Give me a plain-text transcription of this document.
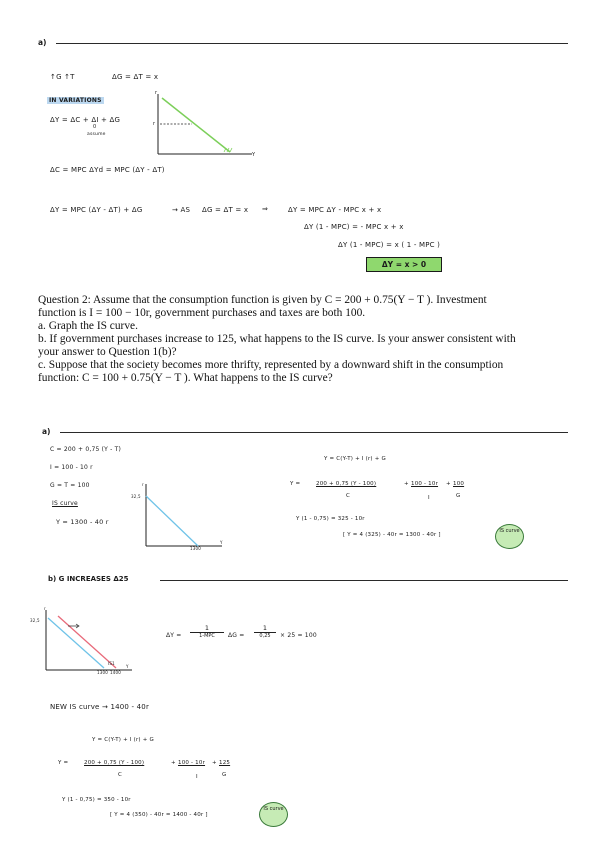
a)
↑G ↑T	ΔG = ΔT = x
IN VARIATIONS
ΔY = ΔC + ΔI + ΔG
0
assume
r
r
Y
ΔC = MPC ΔYd = MPC (ΔY - ΔT)
ΔY = MPC (ΔY - ΔT) + ΔG	→ AS ΔG = ΔT = x ⇒	ΔY = MPC ΔY - MPC x + x
ΔY (1 - MPC) = - MPC x + x
ΔY (1 - MPC) = x ( 1 - MPC )
ΔY = x > 0
Question 2: Assume that the consumption function is given by C = 200 + 0.75(Y − T ). Investment
function is I = 100 − 10r, government purchases and taxes are both 100.
a. Graph the IS curve.
b. If government purchases increase to 125, what happens to the IS curve. Is your answer consistent with
your answer to Question 1(b)?
c. Suppose that the society becomes more thrifty, represented by a downward shift in the consumption
function: C = 100 + 0.75(Y − T ). What happens to the IS curve?
a)
C = 200 + 0,75 (Y - T)
I = 100 - 10 r
G = T = 100
IS curve
Y = 1300 - 40 r
r
32,5
1300
Y
Y = C(Y-T) + I (r) + G
Y =	200 + 0,75 (Y - 100)	+ 100 - 10r + 100
C	I	G
Y (1 - 0,75) = 325 - 10r
[ Y = 4 (325) - 40r = 1300 - 40r ]
IS curve
b) G INCREASES Δ25
r
32,5
1300 1400
IS1
Y
ΔY =
1
1-MPC	ΔG =
1
0,25	× 25 = 100
NEW IS curve → 1400 - 40r
Y = C(Y-T) + I (r) + G
Y =	200 + 0,75 (Y - 100)	+ 100 - 10r + 125
C	I	G
Y (1 - 0,75) = 350 - 10r
[ Y = 4 (350) - 40r = 1400 - 40r ]
IS curve
